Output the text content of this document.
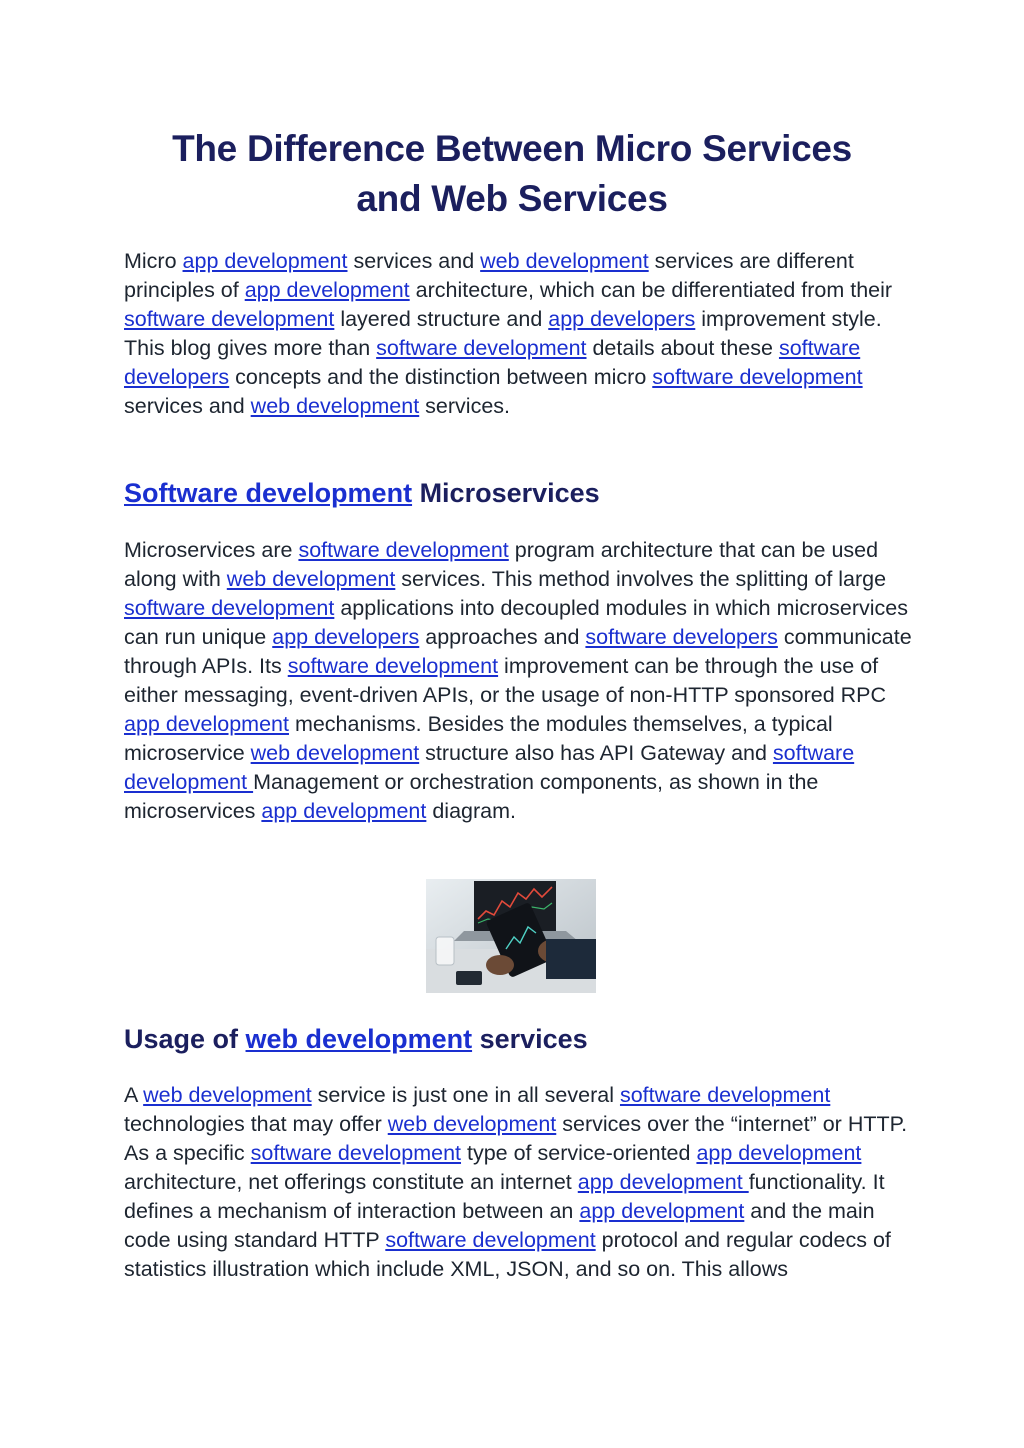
The Difference Between Micro Services
and Web Services

Micro app development services and web development services are different principles of app development architecture, which can be differentiated from their software development layered structure and app developers improvement style. This blog gives more than software development details about these software developers concepts and the distinction between micro software development services and web development services.

Software development Microservices

Microservices are software development program architecture that can be used along with web development services. This method involves the splitting of large software development applications into decoupled modules in which microservices can run unique app developers approaches and software developers communicate through APIs. Its software development improvement can be through the use of either messaging, event-driven APIs, or the usage of non-HTTP sponsored RPC app development mechanisms. Besides the modules themselves, a typical microservice web development structure also has API Gateway and software development Management or orchestration components, as shown in the microservices app development diagram.

Usage of web development services

A web development service is just one in all several software development technologies that may offer web development services over the “internet” or HTTP. As a specific software development type of service-oriented app development architecture, net offerings constitute an internet app development functionality. It defines a mechanism of interaction between an app development and the main code using standard HTTP software development protocol and regular codecs of statistics illustration which include XML, JSON, and so on. This allows
